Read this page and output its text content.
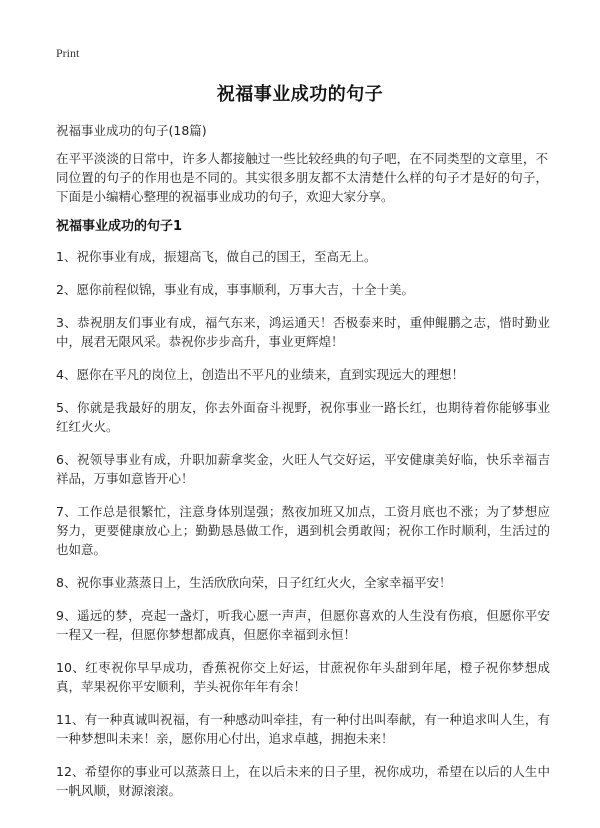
Print
祝福事业成功的句子
祝福事业成功的句子(18篇)
在平平淡淡的日常中，许多人都接触过一些比较经典的句子吧，在不同类型的文章里，不同位置的句子的作用也是不同的。其实很多朋友都不太清楚什么样的句子才是好的句子，下面是小编精心整理的祝福事业成功的句子，欢迎大家分享。
祝福事业成功的句子1
1、祝你事业有成，振翅高飞，做自己的国王，至高无上。
2、愿你前程似锦，事业有成，事事顺利，万事大吉，十全十美。
3、恭祝朋友们事业有成，福气东来，鸿运通天！否极泰来时，重伸鲲鹏之志，惜时勤业中，展君无限风采。恭祝你步步高升，事业更辉煌！
4、愿你在平凡的岗位上，创造出不平凡的业绩来，直到实现远大的理想！
5、你就是我最好的朋友，你去外面奋斗视野，祝你事业一路长红，也期待着你能够事业红红火火。
6、祝领导事业有成，升职加薪拿奖金，火旺人气交好运，平安健康美好临，快乐幸福吉祥品，万事如意皆开心！
7、工作总是很繁忙，注意身体别逞强；熬夜加班又加点，工资月底也不涨；为了梦想应努力，更要健康放心上；勤勤恳恳做工作，遇到机会勇敢闯；祝你工作时顺利，生活过的也如意。
8、祝你事业蒸蒸日上，生活欣欣向荣，日子红红火火，全家幸福平安！
9、遥远的梦，亮起一盏灯，听我心愿一声声，但愿你喜欢的人生没有伤痕，但愿你平安一程又一程，但愿你梦想都成真，但愿你幸福到永恒！
10、红枣祝你早早成功，香蕉祝你交上好运，甘蔗祝你年头甜到年尾，橙子祝你梦想成真，苹果祝你平安顺利，芋头祝你年年有余！
11、有一种真诚叫祝福，有一种感动叫牵挂，有一种付出叫奉献，有一种追求叫人生，有一种梦想叫未来！亲，愿你用心付出，追求卓越，拥抱未来！
12、希望你的事业可以蒸蒸日上，在以后未来的日子里，祝你成功，希望在以后的人生中一帆风顺，财源滚滚。
